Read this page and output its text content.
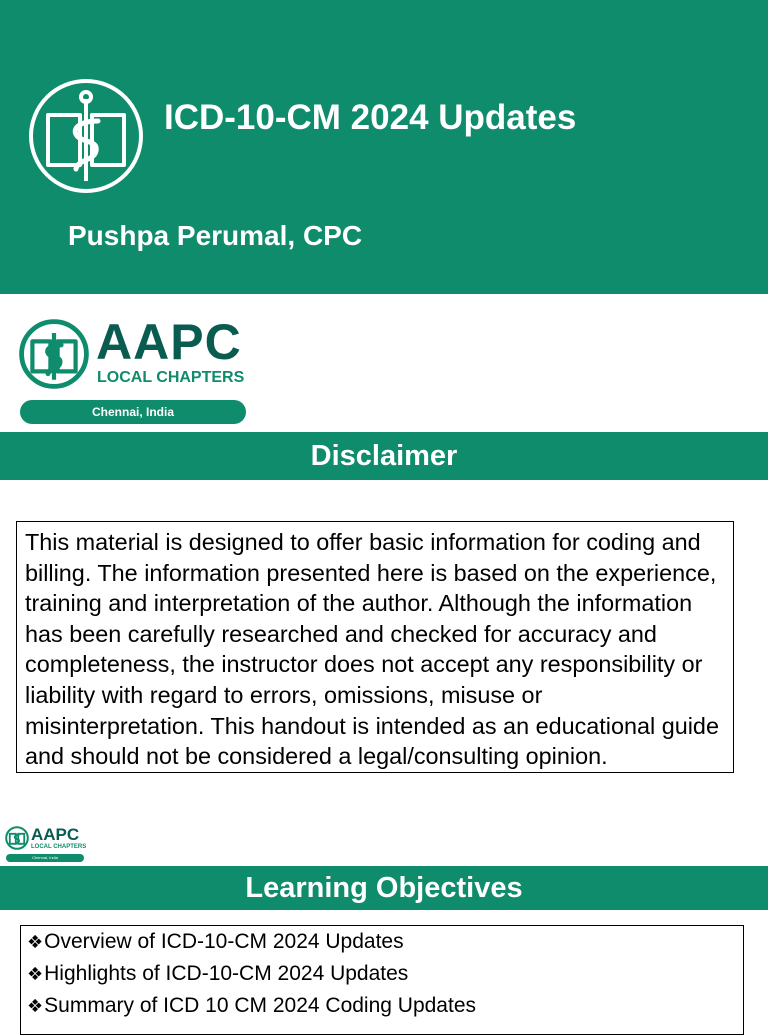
ICD-10-CM 2024 Updates
Pushpa Perumal, CPC
AAPC
LOCAL CHAPTERS
Chennai, India
Disclaimer
This material is designed to offer basic information for coding and billing. The information presented here is based on the experience, training and interpretation of the author. Although the information has been carefully researched and checked for accuracy and completeness, the instructor does not accept any responsibility or liability with regard to errors, omissions, misuse or misinterpretation. This handout is intended as an educational guide and should not be considered a legal/consulting opinion.
AAPC
LOCAL CHAPTERS
Chennai, India
Learning Objectives
❖Overview of ICD-10-CM 2024 Updates
❖Highlights of ICD-10-CM 2024 Updates
❖Summary of ICD 10 CM 2024 Coding Updates
